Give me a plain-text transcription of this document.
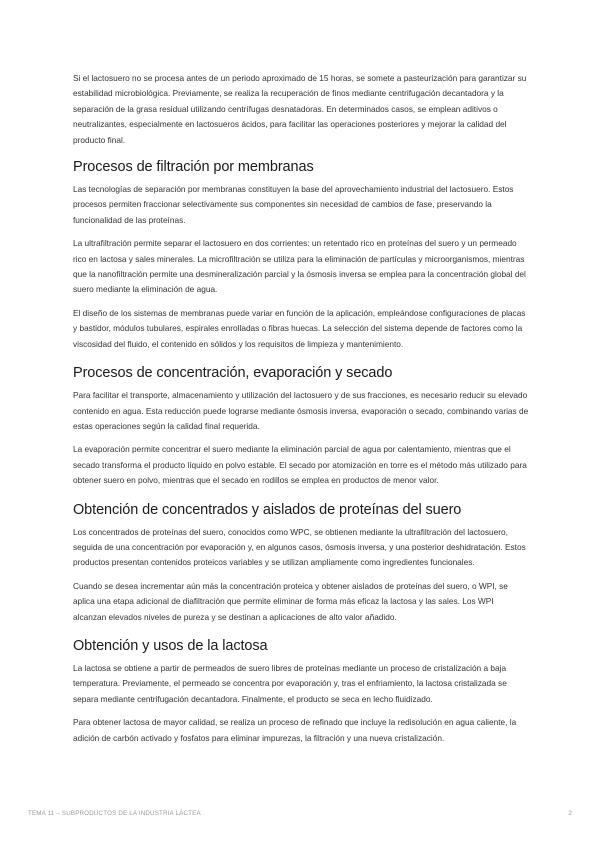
Si el lactosuero no se procesa antes de un periodo aproximado de 15 horas, se somete a pasteurización para garantizar su estabilidad microbiológica. Previamente, se realiza la recuperación de finos mediante centrifugación decantadora y la separación de la grasa residual utilizando centrífugas desnatadoras. En determinados casos, se emplean aditivos o neutralizantes, especialmente en lactosueros ácidos, para facilitar las operaciones posteriores y mejorar la calidad del producto final.

Procesos de filtración por membranas

Las tecnologías de separación por membranas constituyen la base del aprovechamiento industrial del lactosuero. Estos procesos permiten fraccionar selectivamente sus componentes sin necesidad de cambios de fase, preservando la funcionalidad de las proteínas.

La ultrafiltración permite separar el lactosuero en dos corrientes: un retentado rico en proteínas del suero y un permeado rico en lactosa y sales minerales. La microfiltración se utiliza para la eliminación de partículas y microorganismos, mientras que la nanofiltración permite una desmineralización parcial y la ósmosis inversa se emplea para la concentración global del suero mediante la eliminación de agua.

El diseño de los sistemas de membranas puede variar en función de la aplicación, empleándose configuraciones de placas y bastidor, módulos tubulares, espirales enrolladas o fibras huecas. La selección del sistema depende de factores como la viscosidad del fluido, el contenido en sólidos y los requisitos de limpieza y mantenimiento.

Procesos de concentración, evaporación y secado

Para facilitar el transporte, almacenamiento y utilización del lactosuero y de sus fracciones, es necesario reducir su elevado contenido en agua. Esta reducción puede lograrse mediante ósmosis inversa, evaporación o secado, combinando varias de estas operaciones según la calidad final requerida.

La evaporación permite concentrar el suero mediante la eliminación parcial de agua por calentamiento, mientras que el secado transforma el producto líquido en polvo estable. El secado por atomización en torre es el método más utilizado para obtener suero en polvo, mientras que el secado en rodillos se emplea en productos de menor valor.

Obtención de concentrados y aislados de proteínas del suero

Los concentrados de proteínas del suero, conocidos como WPC, se obtienen mediante la ultrafiltración del lactosuero, seguida de una concentración por evaporación y, en algunos casos, ósmosis inversa, y una posterior deshidratación. Estos productos presentan contenidos proteicos variables y se utilizan ampliamente como ingredientes funcionales.

Cuando se desea incrementar aún más la concentración proteica y obtener aislados de proteínas del suero, o WPI, se aplica una etapa adicional de diafiltración que permite eliminar de forma más eficaz la lactosa y las sales. Los WPI alcanzan elevados niveles de pureza y se destinan a aplicaciones de alto valor añadido.

Obtención y usos de la lactosa

La lactosa se obtiene a partir de permeados de suero libres de proteínas mediante un proceso de cristalización a baja temperatura. Previamente, el permeado se concentra por evaporación y, tras el enfriamiento, la lactosa cristalizada se separa mediante centrifugación decantadora. Finalmente, el producto se seca en lecho fluidizado.

Para obtener lactosa de mayor calidad, se realiza un proceso de refinado que incluye la redisolución en agua caliente, la adición de carbón activado y fosfatos para eliminar impurezas, la filtración y una nueva cristalización.

TEMA 11 – SUBPRODUCTOS DE LA INDUSTRIA LÁCTEA	2
